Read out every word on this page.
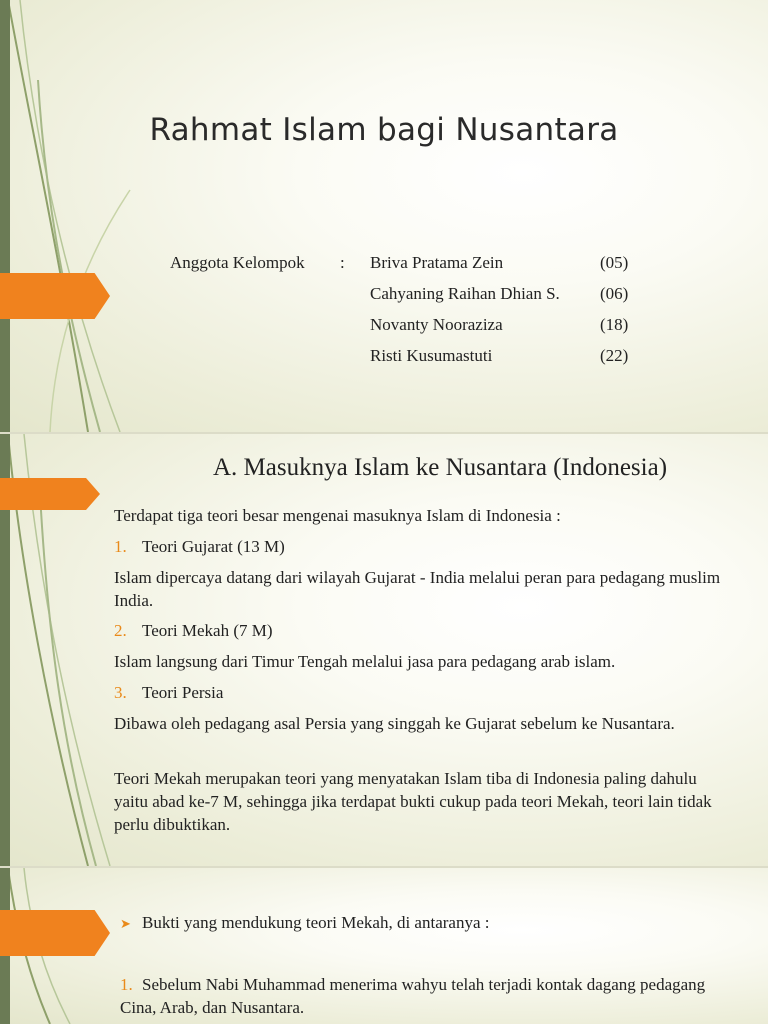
Rahmat Islam bagi Nusantara
Anggota Kelompok : Briva Pratama Zein	(05)
Cahyaning Raihan Dhian S. (06)
Novanty Nooraziza	(18)
Risti Kusumastuti	(22)
A. Masuknya Islam ke Nusantara (Indonesia)
Terdapat tiga teori besar mengenai masuknya Islam di Indonesia :
1. Teori Gujarat (13 M)
Islam dipercaya datang dari wilayah Gujarat - India melalui peran para pedagang muslim India.
2. Teori Mekah (7 M)
Islam langsung dari Timur Tengah melalui jasa para pedagang arab islam.
3. Teori Persia
Dibawa oleh pedagang asal Persia yang singgah ke Gujarat sebelum ke Nusantara.
Teori Mekah merupakan teori yang menyatakan Islam tiba di Indonesia paling dahulu yaitu abad ke-7 M, sehingga jika terdapat bukti cukup pada teori Mekah, teori lain tidak perlu dibuktikan.
➤ Bukti yang mendukung teori Mekah, di antaranya :
1. Sebelum Nabi Muhammad menerima wahyu telah terjadi kontak dagang pedagang Cina, Arab, dan Nusantara.
